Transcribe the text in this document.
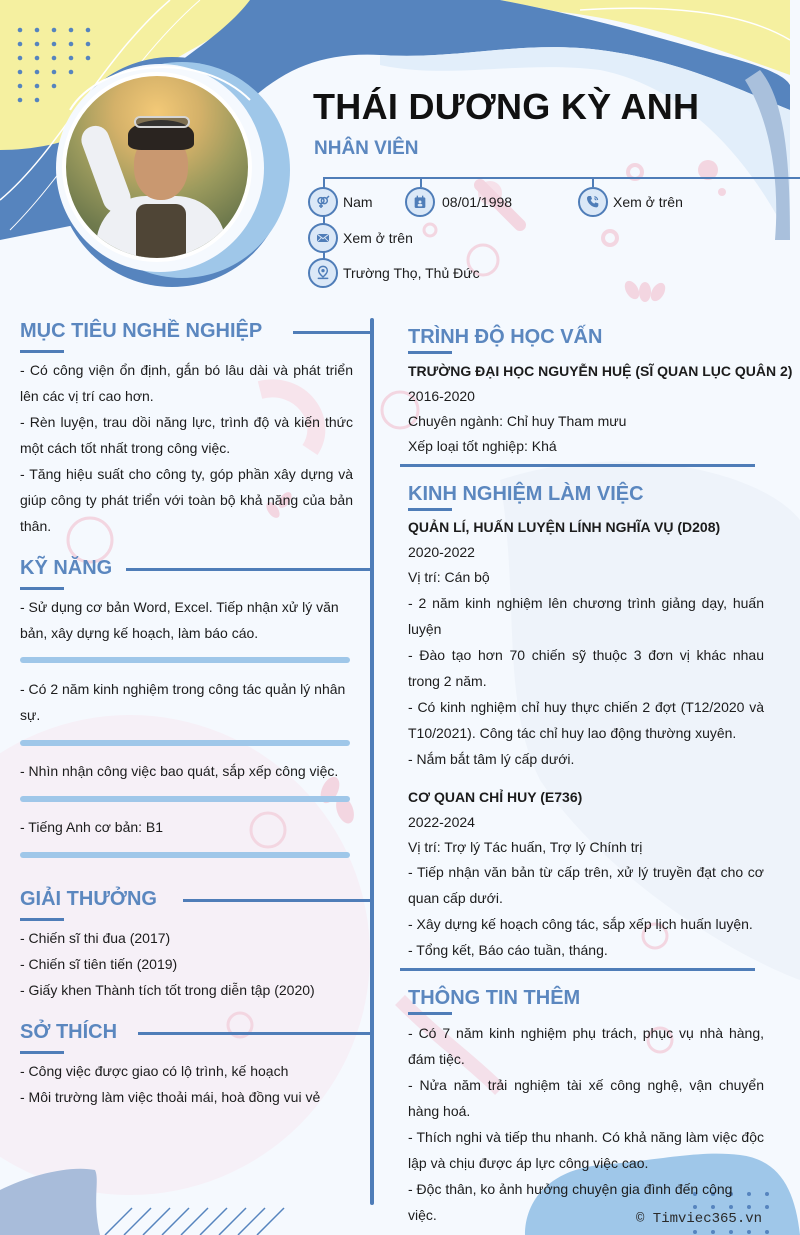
THÁI DƯƠNG KỲ ANH
NHÂN VIÊN
Nam	08/01/1998	Xem ở trên
Xem ở trên
Trường Thọ, Thủ Đức
MỤC TIÊU NGHỀ NGHIỆP

- Có công viện ổn định, gắn bó lâu dài và phát triển lên các vị trí cao hơn.

- Rèn luyện, trau dồi năng lực, trình độ và kiến thức một cách tốt nhất trong công việc.

- Tăng hiệu suất cho công ty, góp phần xây dựng và giúp công ty phát triển với toàn bộ khả năng của bản thân.

KỸ NĂNG
- Sử dụng cơ bản Word, Excel. Tiếp nhận xử lý văn bản, xây dựng kế hoạch, làm báo cáo.
- Có 2 năm kinh nghiệm trong công tác quản lý nhân sự.
- Nhìn nhận công việc bao quát, sắp xếp công việc.
- Tiếng Anh cơ bản: B1
GIẢI THƯỞNG
- Chiến sĩ thi đua (2017)
- Chiến sĩ tiên tiến (2019)
- Giấy khen Thành tích tốt trong diễn tập (2020)
SỞ THÍCH
- Công việc được giao có lộ trình, kế hoạch
- Môi trường làm việc thoải mái, hoà đồng vui vẻ
TRÌNH ĐỘ HỌC VẤN
TRƯỜNG ĐẠI HỌC NGUYỄN HUỆ (SĨ QUAN LỤC QUÂN 2)
2016-2020
Chuyên ngành: Chỉ huy Tham mưu
Xếp loại tốt nghiệp: Khá
KINH NGHIỆM LÀM VIỆC
QUẢN LÍ, HUẤN LUYỆN LÍNH NGHĨA VỤ (D208)
2020-2022
Vị trí: Cán bộ

- 2 năm kinh nghiệm lên chương trình giảng dạy, huấn luyện

- Đào tạo hơn 70 chiến sỹ thuộc 3 đơn vị khác nhau trong 2 năm.

- Có kinh nghiệm chỉ huy thực chiến 2 đợt (T12/2020 và T10/2021). Công tác chỉ huy lao động thường xuyên.

- Nắm bắt tâm lý cấp dưới.

CƠ QUAN CHỈ HUY (E736)
2022-2024
Vị trí: Trợ lý Tác huấn, Trợ lý Chính trị

- Tiếp nhận văn bản từ cấp trên, xử lý truyền đạt cho cơ quan cấp dưới.

- Xây dựng kế hoạch công tác, sắp xếp lịch huấn luyện.

- Tổng kết, Báo cáo tuần, tháng.

THÔNG TIN THÊM

- Có 7 năm kinh nghiệm phụ trách, phục vụ nhà hàng, đám tiệc.

- Nửa năm trải nghiệm tài xế công nghệ, vận chuyển hàng hoá.

- Thích nghi và tiếp thu nhanh. Có khả năng làm việc độc lập và chịu được áp lực công việc cao.

- Độc thân, ko ảnh hưởng chuyện gia đình đến công việc.	© Timviec365.vn
